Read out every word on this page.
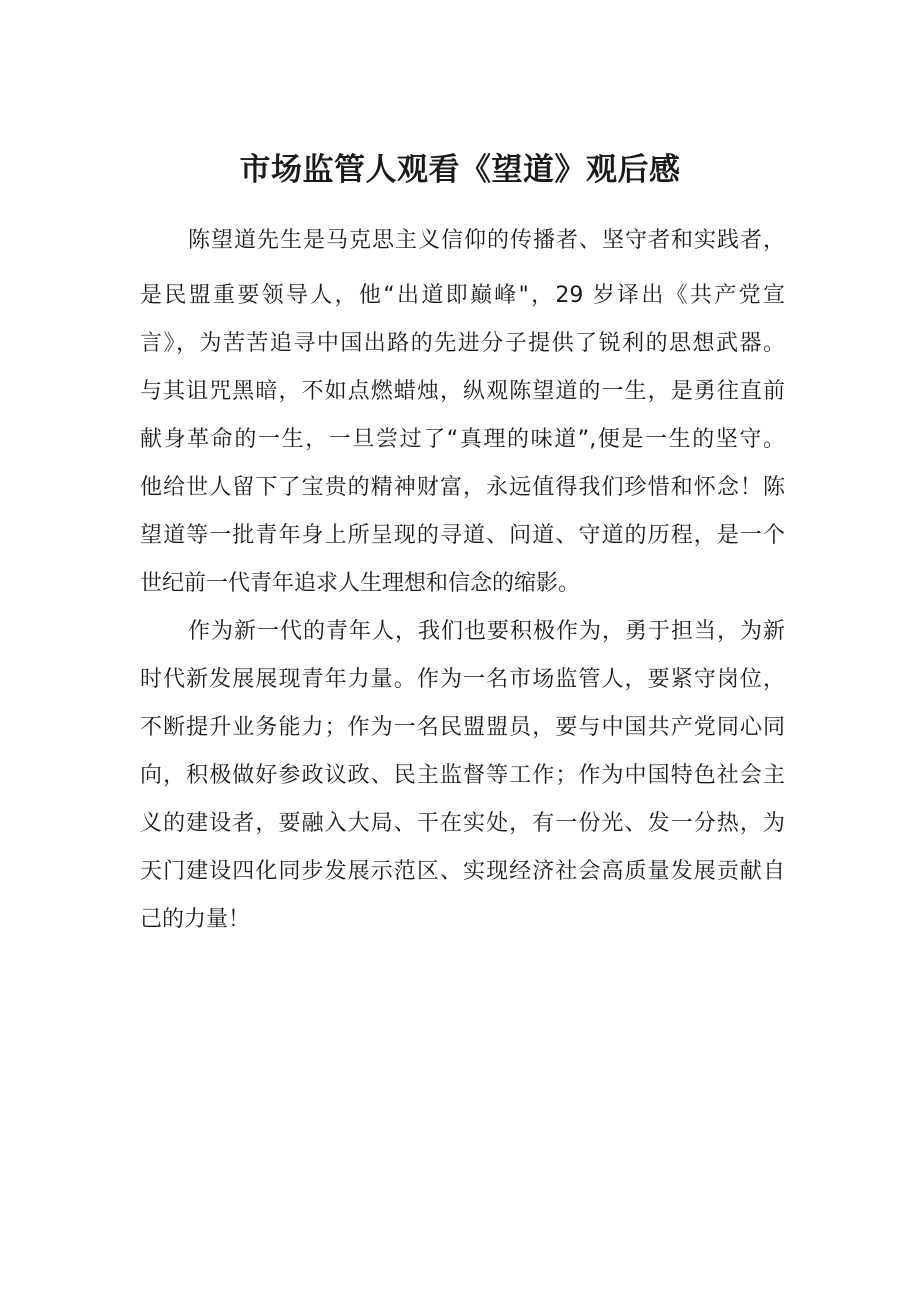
市场监管人观看《望道》观后感

陈望道先生是马克思主义信仰的传播者、坚守者和实践者，

是民盟重要领导人，他“出道即巅峰"，29 岁译出《共产党宣

言》，为苦苦追寻中国出路的先进分子提供了锐利的思想武器。

与其诅咒黑暗，不如点燃蜡烛，纵观陈望道的一生，是勇往直前

献身革命的一生，一旦尝过了“真理的味道”,便是一生的坚守。

他给世人留下了宝贵的精神财富，永远值得我们珍惜和怀念！陈

望道等一批青年身上所呈现的寻道、问道、守道的历程，是一个

世纪前一代青年追求人生理想和信念的缩影。

作为新一代的青年人，我们也要积极作为，勇于担当，为新

时代新发展展现青年力量。作为一名市场监管人，要紧守岗位，

不断提升业务能力；作为一名民盟盟员，要与中国共产党同心同

向，积极做好参政议政、民主监督等工作；作为中国特色社会主

义的建设者，要融入大局、干在实处，有一份光、发一分热，为

天门建设四化同步发展示范区、实现经济社会高质量发展贡献自

己的力量！
